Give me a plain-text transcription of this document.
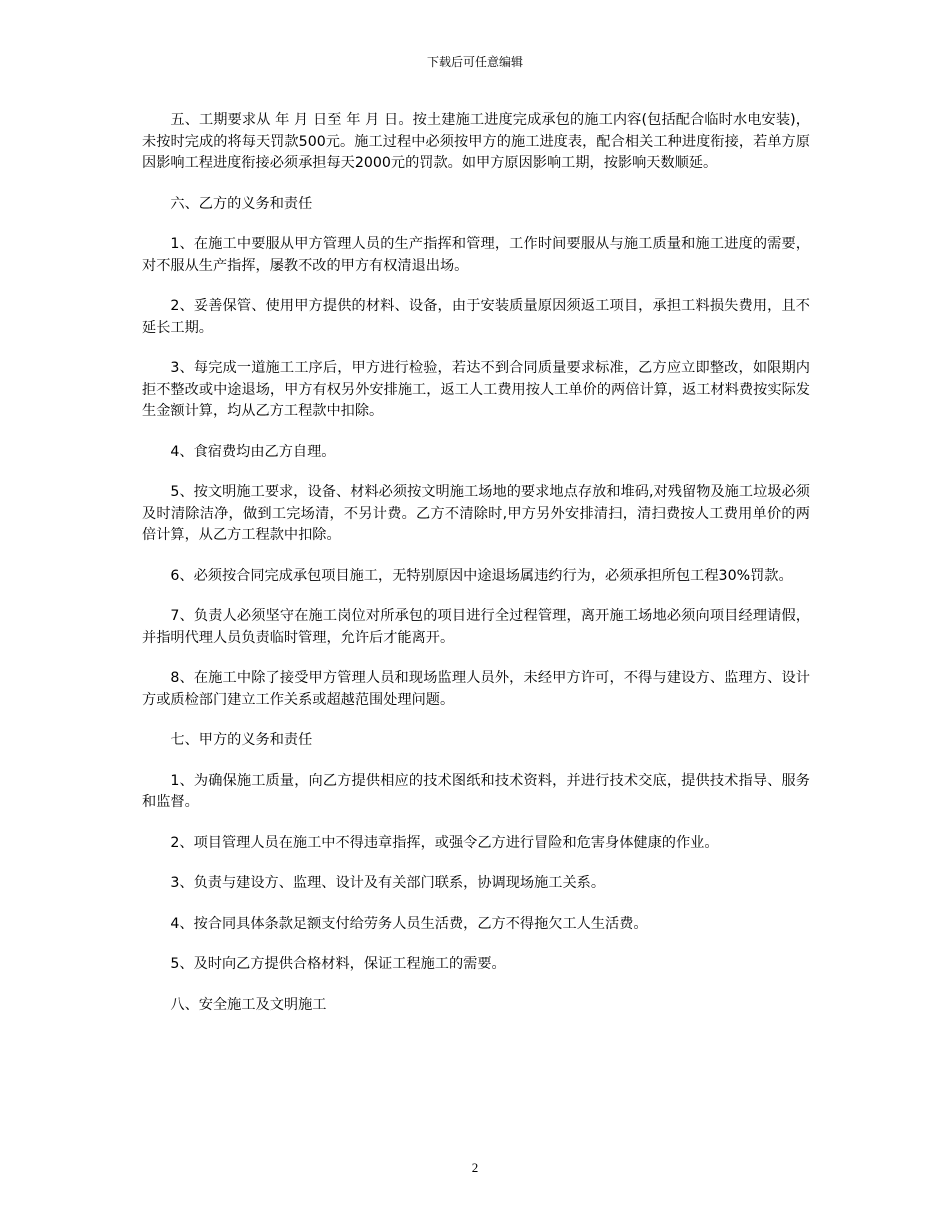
下载后可任意编辑

五、工期要求从 年 月 日至 年 月 日。按土建施工进度完成承包的施工内容(包括配合临时水电安装)，未按时完成的将每天罚款500元。施工过程中必须按甲方的施工进度表，配合相关工种进度衔接，若单方原因影响工程进度衔接必须承担每天2000元的罚款。如甲方原因影响工期，按影响天数顺延。

六、乙方的义务和责任

1、在施工中要服从甲方管理人员的生产指挥和管理，工作时间要服从与施工质量和施工进度的需要，对不服从生产指挥，屡教不改的甲方有权清退出场。

2、妥善保管、使用甲方提供的材料、设备，由于安装质量原因须返工项目，承担工料损失费用，且不延长工期。

3、每完成一道施工工序后，甲方进行检验，若达不到合同质量要求标准，乙方应立即整改，如限期内拒不整改或中途退场，甲方有权另外安排施工，返工人工费用按人工单价的两倍计算，返工材料费按实际发生金额计算，均从乙方工程款中扣除。

4、食宿费均由乙方自理。

5、按文明施工要求，设备、材料必须按文明施工场地的要求地点存放和堆码,对残留物及施工垃圾必须及时清除洁净，做到工完场清，不另计费。乙方不清除时,甲方另外安排清扫，清扫费按人工费用单价的两倍计算，从乙方工程款中扣除。

6、必须按合同完成承包项目施工，无特别原因中途退场属违约行为，必须承担所包工程30%罚款。

7、负责人必须坚守在施工岗位对所承包的项目进行全过程管理，离开施工场地必须向项目经理请假，并指明代理人员负责临时管理，允许后才能离开。

8、在施工中除了接受甲方管理人员和现场监理人员外，未经甲方许可，不得与建设方、监理方、设计方或质检部门建立工作关系或超越范围处理问题。

七、甲方的义务和责任

1、为确保施工质量，向乙方提供相应的技术图纸和技术资料，并进行技术交底，提供技术指导、服务和监督。

2、项目管理人员在施工中不得违章指挥，或强令乙方进行冒险和危害身体健康的作业。

3、负责与建设方、监理、设计及有关部门联系，协调现场施工关系。

4、按合同具体条款足额支付给劳务人员生活费，乙方不得拖欠工人生活费。

5、及时向乙方提供合格材料，保证工程施工的需要。

八、安全施工及文明施工

2
